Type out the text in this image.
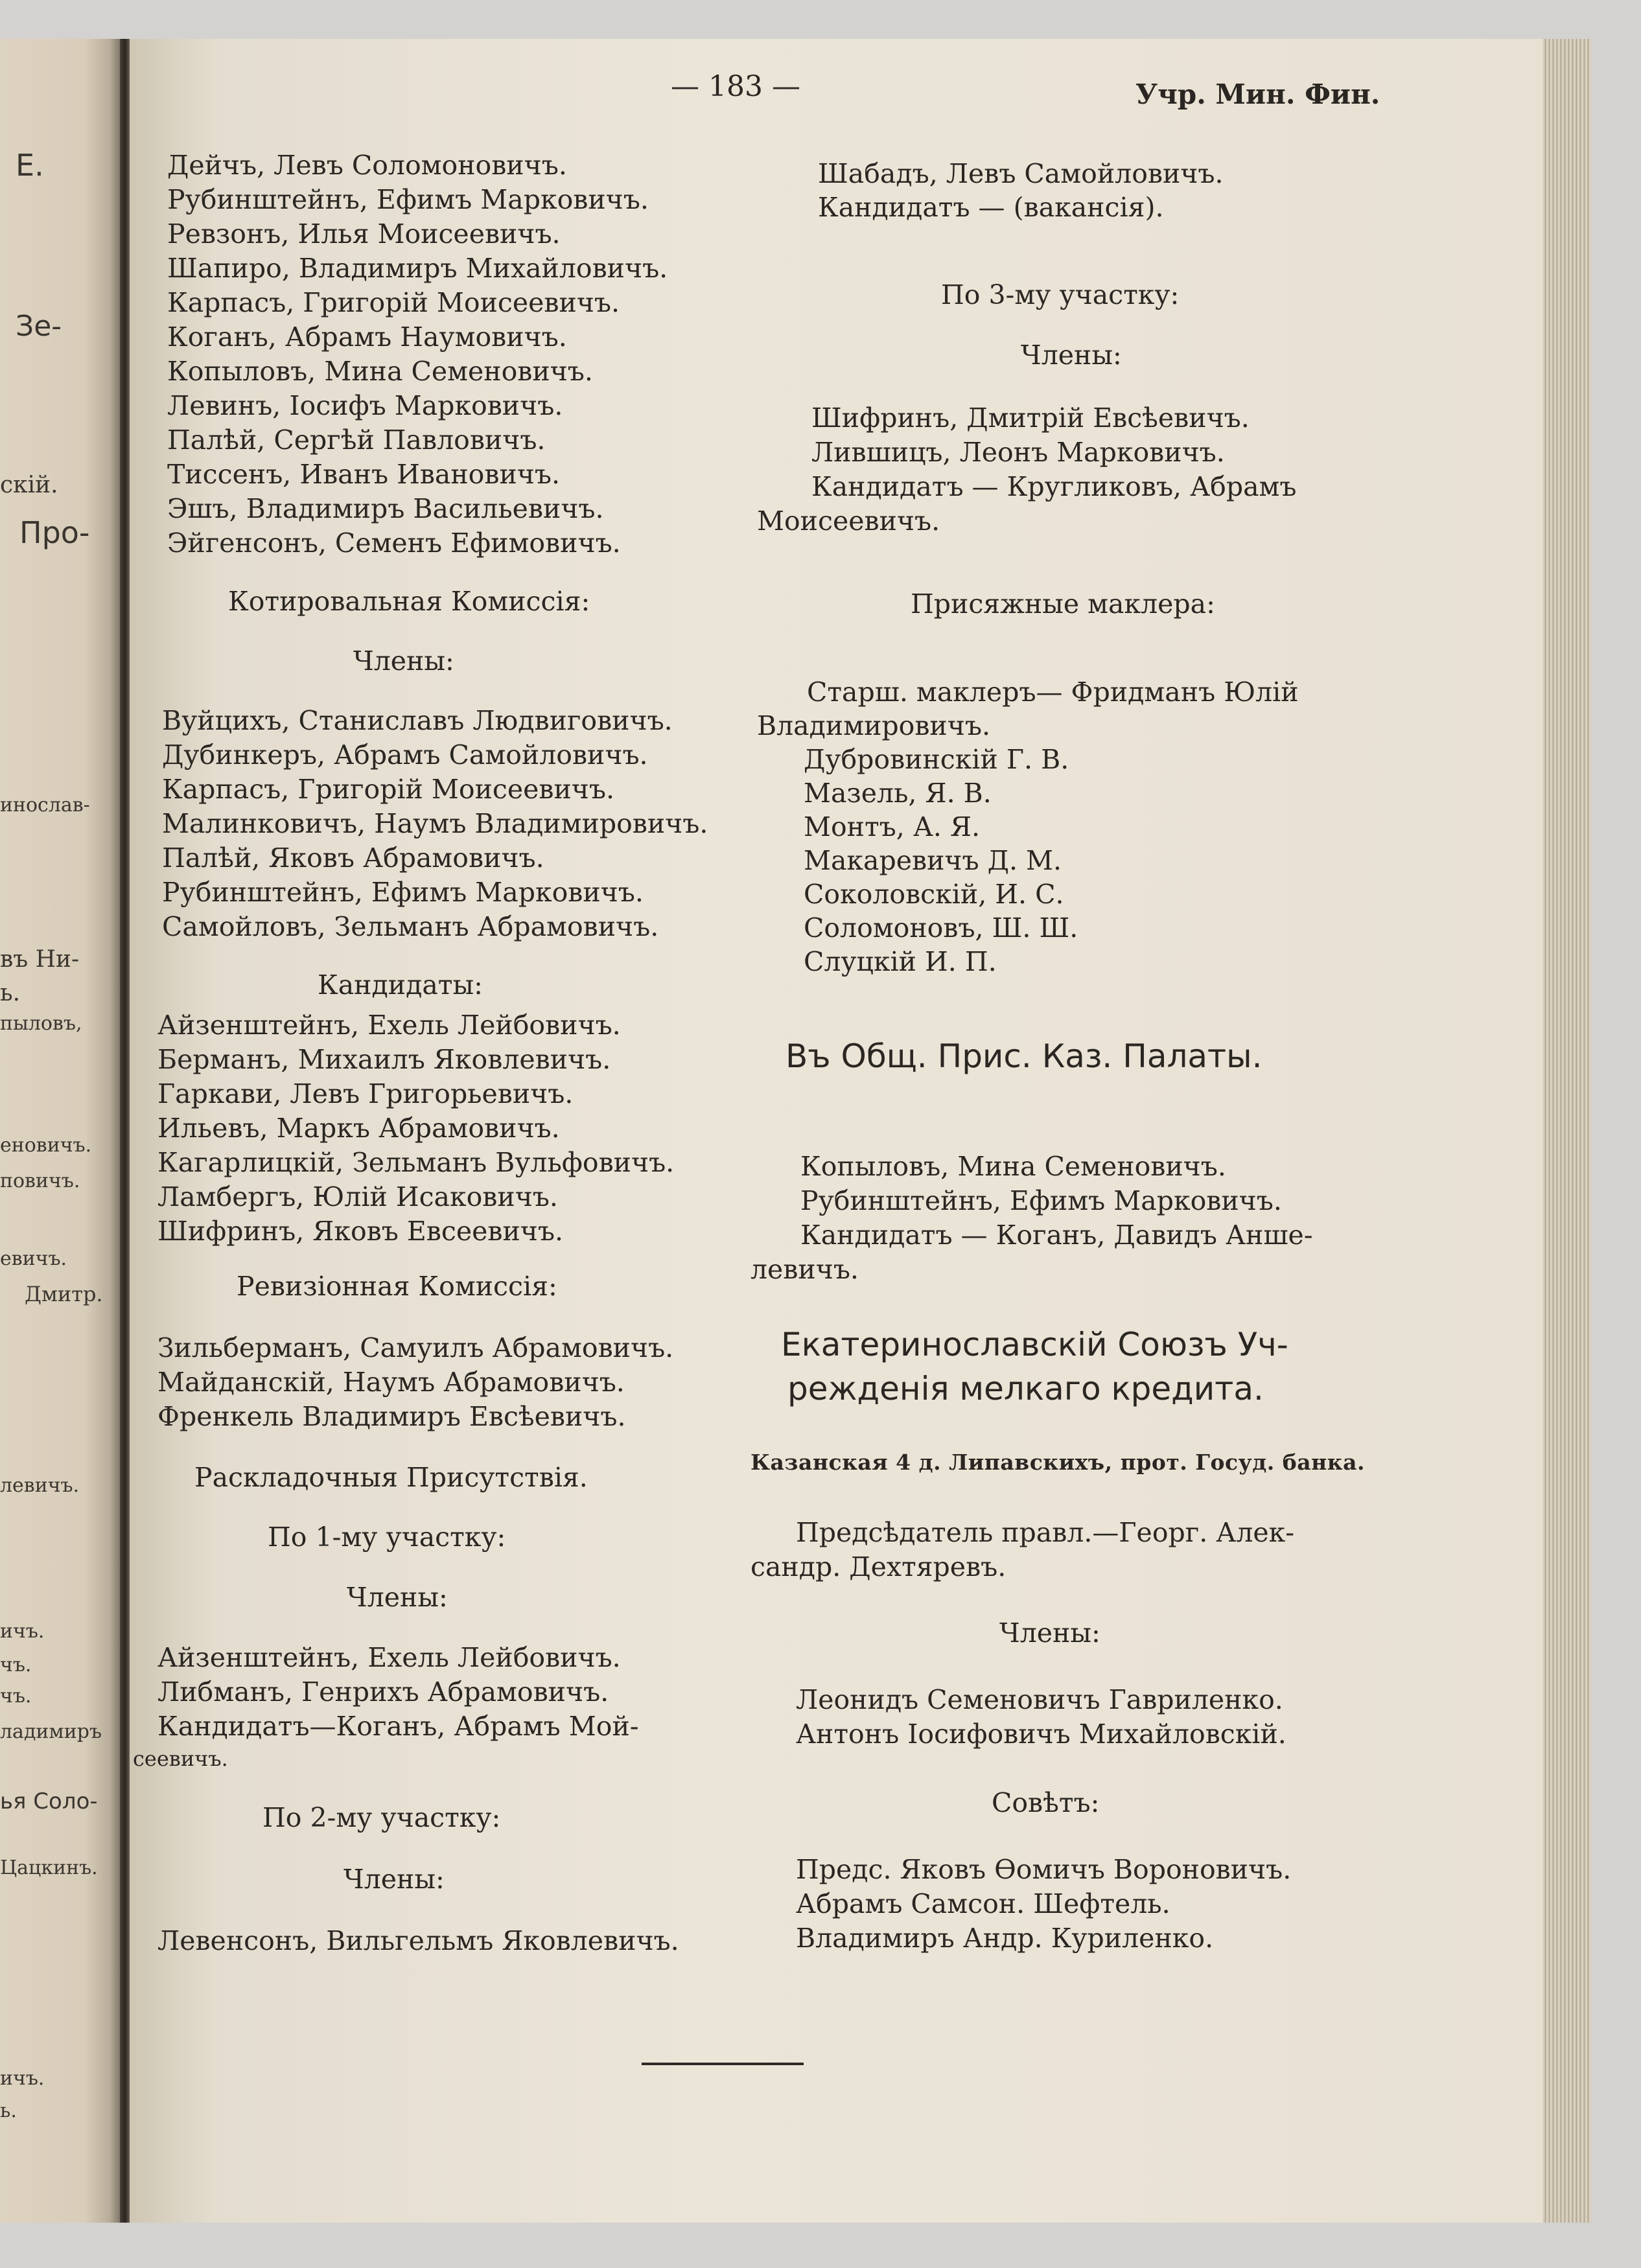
Е.
Зе-
скій.
Про-
инослав-
въ Ни-
ь.
пыловъ,
еновичъ.
повичъ.
евичъ.
Дмитр.
левичъ.
ичъ.
чъ.
чъ.
ладимиръ
ья Соло-
Цацкинъ.
ичъ.
ь.
— 183 —	Учр. Мин. Фин.
Дейчъ, Левъ Соломоновичъ.
Рубинштейнъ, Ефимъ Марковичъ.
Ревзонъ, Илья Моисеевичъ.
Шапиро, Владимиръ Михайловичъ.
Карпасъ, Григорій Моисеевичъ.
Коганъ, Абрамъ Наумовичъ.
Копыловъ, Мина Семеновичъ.
Левинъ, Іосифъ Марковичъ.
Палѣй, Сергѣй Павловичъ.
Тиссенъ, Иванъ Ивановичъ.
Эшъ, Владимиръ Васильевичъ.
Эйгенсонъ, Семенъ Ефимовичъ.
Котировальная Комиссія:
Члены:
Вуйцихъ, Станиславъ Людвиговичъ.
Дубинкеръ, Абрамъ Самойловичъ.
Карпасъ, Григорій Моисеевичъ.
Малинковичъ, Наумъ Владимировичъ.
Палѣй, Яковъ Абрамовичъ.
Рубинштейнъ, Ефимъ Марковичъ.
Самойловъ, Зельманъ Абрамовичъ.
Кандидаты:
Айзенштейнъ, Ехель Лейбовичъ.
Берманъ, Михаилъ Яковлевичъ.
Гаркави, Левъ Григорьевичъ.
Ильевъ, Маркъ Абрамовичъ.
Кагарлицкій, Зельманъ Вульфовичъ.
Ламбергъ, Юлій Исаковичъ.
Шифринъ, Яковъ Евсеевичъ.
Ревизіонная Комиссія:
Зильберманъ, Самуилъ Абрамовичъ.
Майданскій, Наумъ Абрамовичъ.
Френкель Владимиръ Евсѣевичъ.
Раскладочныя Присутствія.
По 1-му участку:
Члены:
Айзенштейнъ, Ехель Лейбовичъ.
Либманъ, Генрихъ Абрамовичъ.
Кандидатъ—Коганъ, Абрамъ Мой-
сеевичъ.
По 2-му участку:
Члены:
Левенсонъ, Вильгельмъ Яковлевичъ.
Шабадъ, Левъ Самойловичъ.
Кандидатъ — (вакансія).
По 3-му участку:
Члены:
Шифринъ, Дмитрій Евсѣевичъ.
Лившицъ, Леонъ Марковичъ.
Кандидатъ — Кругликовъ, Абрамъ
Моисеевичъ.
Присяжные маклера:
Старш. маклеръ— Фридманъ Юлій
Владимировичъ.
Дубровинскій Г. В.
Мазель, Я. В.
Монтъ, А. Я.
Макаревичъ Д. М.
Соколовскій, И. С.
Соломоновъ, Ш. Ш.
Слуцкій И. П.
Въ Общ. Прис. Каз. Палаты.
Копыловъ, Мина Семеновичъ.
Рубинштейнъ, Ефимъ Марковичъ.
Кандидатъ — Коганъ, Давидъ Анше-
левичъ.
Екатеринославскій Союзъ Уч-
режденія мелкаго кредита.
Казанская 4 д. Липавскихъ, прот. Госуд. банка.
Предсѣдатель правл.—Георг. Алек-
сандр. Дехтяревъ.
Члены:
Леонидъ Семеновичъ Гавриленко.
Антонъ Іосифовичъ Михайловскій.
Совѣтъ:
Предс. Яковъ Ѳомичъ Вороновичъ.
Абрамъ Самсон. Шефтель.
Владимиръ Андр. Куриленко.
